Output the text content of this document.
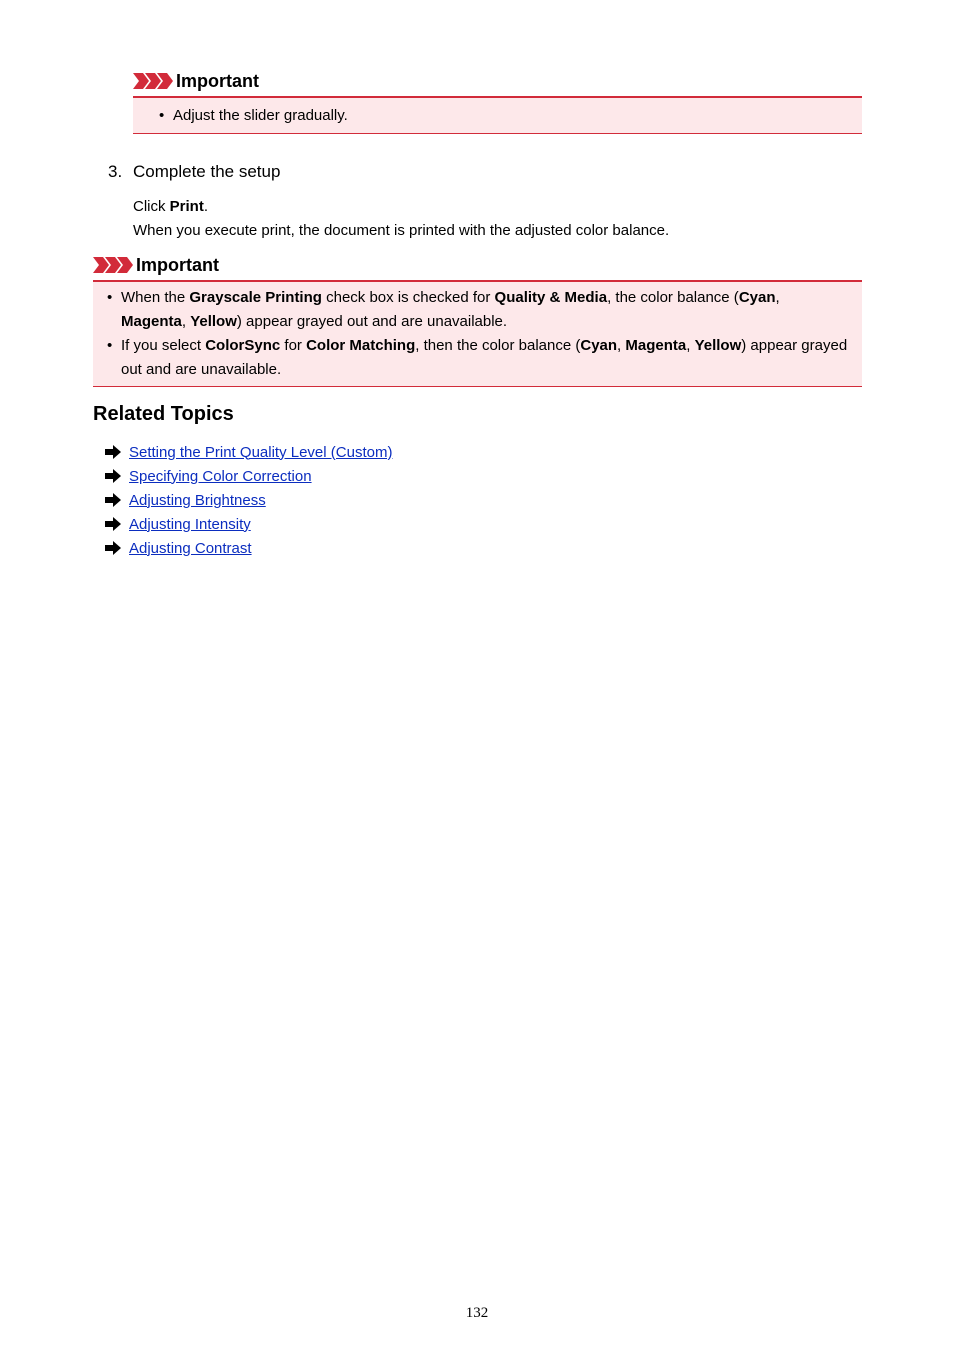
Important
• Adjust the slider gradually.
3. Complete the setup
Click Print.
When you execute print, the document is printed with the adjusted color balance.
Important
• When the Grayscale Printing check box is checked for Quality & Media, the color balance (Cyan, Magenta, Yellow) appear grayed out and are unavailable.
• If you select ColorSync for Color Matching, then the color balance (Cyan, Magenta, Yellow) appear grayed out and are unavailable.
Related Topics
Setting the Print Quality Level (Custom)
Specifying Color Correction
Adjusting Brightness
Adjusting Intensity
Adjusting Contrast
132
